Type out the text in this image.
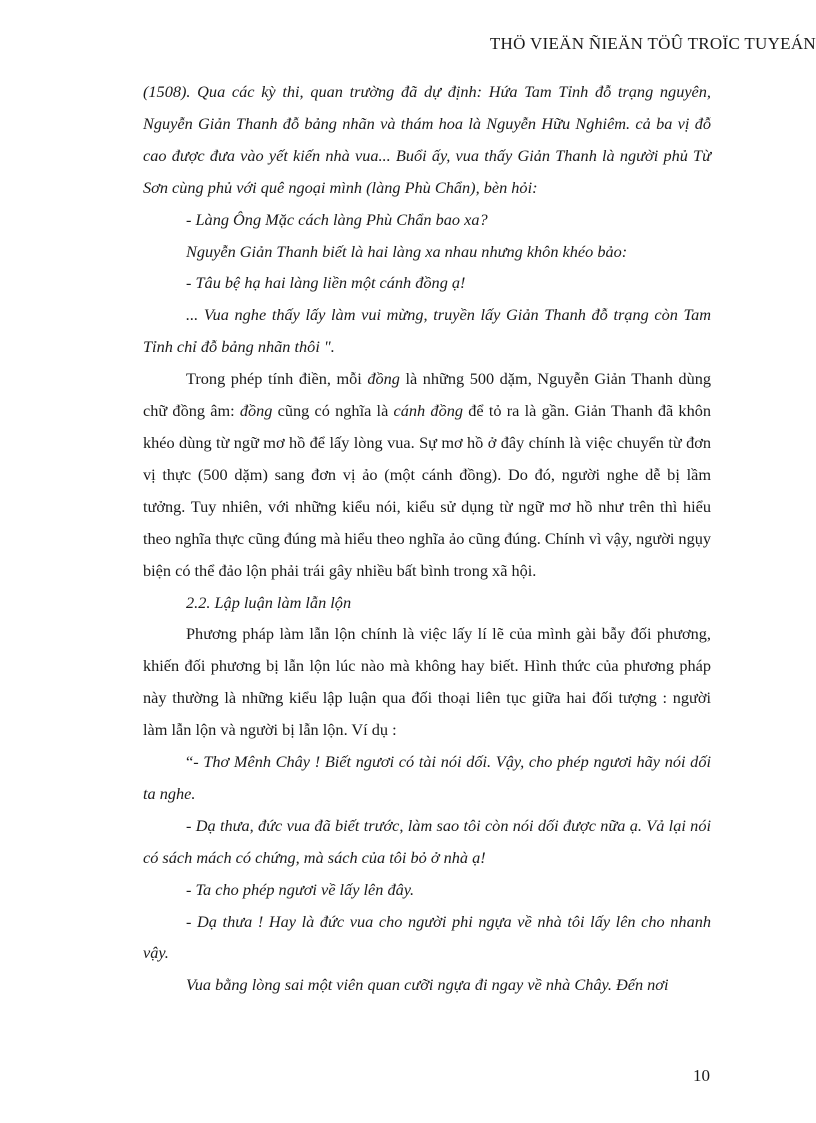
THÖ VIEÄN ÑIEÄN TÖÛ TROÏC TUYEÁN

(1508). Qua các kỳ thi, quan trường đã dự định: Hứa Tam Tỉnh đỗ trạng nguyên, Nguyễn Giản Thanh đỗ bảng nhãn và thám hoa là Nguyễn Hữu Nghiêm. cả ba vị đỗ cao được đưa vào yết kiến nhà vua... Buổi ấy, vua thấy Giản Thanh là người phủ Từ Sơn cùng phủ với quê ngoại mình (làng Phù Chẩn), bèn hỏi:

- Làng Ông Mặc cách làng Phù Chẩn bao xa?

Nguyễn Giản Thanh biết là hai làng xa nhau nhưng khôn khéo bảo:

- Tâu bệ hạ hai làng liền một cánh đồng ạ!

... Vua nghe thấy lấy làm vui mừng, truyền lấy Giản Thanh đỗ trạng còn Tam Tỉnh chỉ đỗ bảng nhãn thôi ".

Trong phép tính điền, mỗi đồng là những 500 dặm, Nguyễn Giản Thanh dùng chữ đồng âm: đồng cũng có nghĩa là cánh đồng để tỏ ra là gần. Giản Thanh đã khôn khéo dùng từ ngữ mơ hồ để lấy lòng vua. Sự mơ hồ ở đây chính là việc chuyển từ đơn vị thực (500 dặm) sang đơn vị ảo (một cánh đồng). Do đó, người nghe dễ bị lầm tưởng. Tuy nhiên, với những kiểu nói, kiểu sử dụng từ ngữ mơ hồ như trên thì hiểu theo nghĩa thực cũng đúng mà hiểu theo nghĩa ảo cũng đúng. Chính vì vậy, người ngụy biện có thể đảo lộn phải trái gây nhiều bất bình trong xã hội.

2.2. Lập luận làm lẫn lộn

Phương pháp làm lẫn lộn chính là việc lấy lí lẽ của mình gài bẫy đối phương, khiến đối phương bị lẫn lộn lúc nào mà không hay biết. Hình thức của phương pháp này thường là những kiểu lập luận qua đối thoại liên tục giữa hai đối tượng : người làm lẫn lộn và người bị lẫn lộn. Ví dụ :

“- Thơ Mênh Chây ! Biết ngươi có tài nói dối. Vậy, cho phép ngươi hãy nói dối ta nghe.

- Dạ thưa, đức vua đã biết trước, làm sao tôi còn nói dối được nữa ạ. Vả lại nói có sách mách có chứng, mà sách của tôi bỏ ở nhà ạ!

- Ta cho phép ngươi về lấy lên đây.

- Dạ thưa ! Hay là đức vua cho người phi ngựa về nhà tôi lấy lên cho nhanh vậy.

Vua bằng lòng sai một viên quan cưỡi ngựa đi ngay về nhà Chây. Đến nơi

10
